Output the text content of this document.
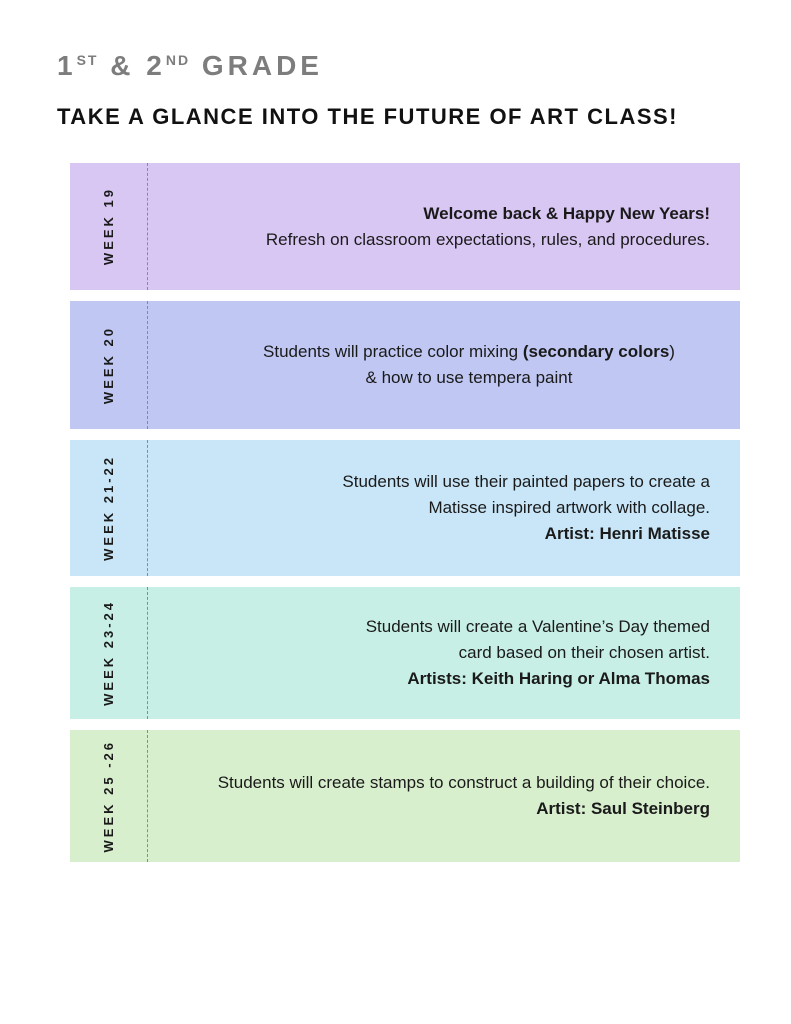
1ST & 2ND GRADE
TAKE A GLANCE INTO THE FUTURE OF ART CLASS!
WEEK 19	Welcome back & Happy New Years!
Refresh on classroom expectations, rules, and procedures.
WEEK 20	Students will practice color mixing (secondary colors)
& how to use tempera paint
WEEK 21-22	Students will use their painted papers to create a
Matisse inspired artwork with collage.
Artist: Henri Matisse
WEEK 23-24	Students will create a Valentine’s Day themed
card based on their chosen artist.
Artists: Keith Haring or Alma Thomas
WEEK 25 -26	Students will create stamps to construct a building of their choice.
Artist: Saul Steinberg
